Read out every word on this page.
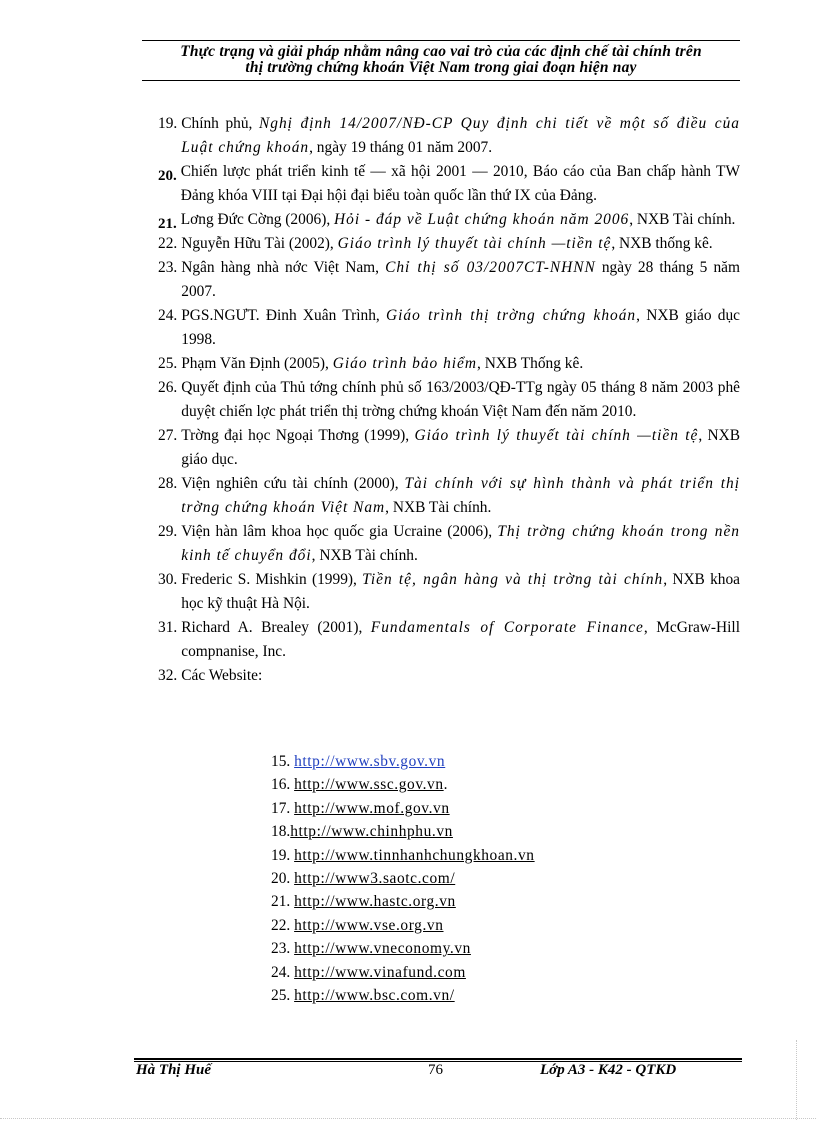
Thực trạng và giải pháp nhằm nâng cao vai trò của các định chế tài chính trên
thị trường chứng khoán Việt Nam trong giai đoạn hiện nay
19. Chính phủ, Nghị định 14/2007/NĐ-CP Quy định chi tiết về một số điều của Luật chứng khoán, ngày 19 tháng 01 năm 2007.
20. Chiến lược phát triển kinh tế — xã hội 2001 — 2010, Báo cáo của Ban chấp hành TW Đảng khóa VIII tại Đại hội đại biểu toàn quốc lần thứ IX của Đảng.
21. Lơng Đức Cờng (2006), Hỏi - đáp về Luật chứng khoán năm 2006, NXB Tài chính.
22. Nguyễn Hữu Tài (2002), Giáo trình lý thuyết tài chính —tiền tệ, NXB thống kê.
23. Ngân hàng nhà nớc Việt Nam, Chỉ thị số 03/2007CT-NHNN ngày 28 tháng 5 năm 2007.
24. PGS.NGƯT. Đinh Xuân Trình, Giáo trình thị trờng chứng khoán, NXB giáo dục 1998.
25. Phạm Văn Định (2005), Giáo trình bảo hiểm, NXB Thống kê.
26. Quyết định của Thủ tớng chính phủ số 163/2003/QĐ-TTg ngày 05 tháng 8 năm 2003 phê duyệt chiến lợc phát triển thị trờng chứng khoán Việt Nam đến năm 2010.
27. Trờng đại học Ngoại Thơng (1999), Giáo trình lý thuyết tài chính —tiền tệ, NXB giáo dục.
28. Viện nghiên cứu tài chính (2000), Tài chính với sự hình thành và phát triển thị trờng chứng khoán Việt Nam, NXB Tài chính.
29. Viện hàn lâm khoa học quốc gia Ucraine (2006), Thị trờng chứng khoán trong nền kinh tế chuyển đổi, NXB Tài chính.
30. Frederic S. Mishkin (1999), Tiền tệ, ngân hàng và thị trờng tài chính, NXB khoa học kỹ thuật Hà Nội.
31. Richard A. Brealey (2001), Fundamentals of Corporate Finance, McGraw-Hill compnanise, Inc.
32. Các Website:
15. http://www.sbv.gov.vn
16. http://www.ssc.gov.vn.
17. http://www.mof.gov.vn
18.http://www.chinhphu.vn
19. http://www.tinnhanhchungkhoan.vn
20. http://www3.saotc.com/
21. http://www.hastc.org.vn
22. http://www.vse.org.vn
23. http://www.vneconomy.vn
24. http://www.vinafund.com
25. http://www.bsc.com.vn/
Hà Thị Huế	76	Lớp A3 - K42 - QTKD
